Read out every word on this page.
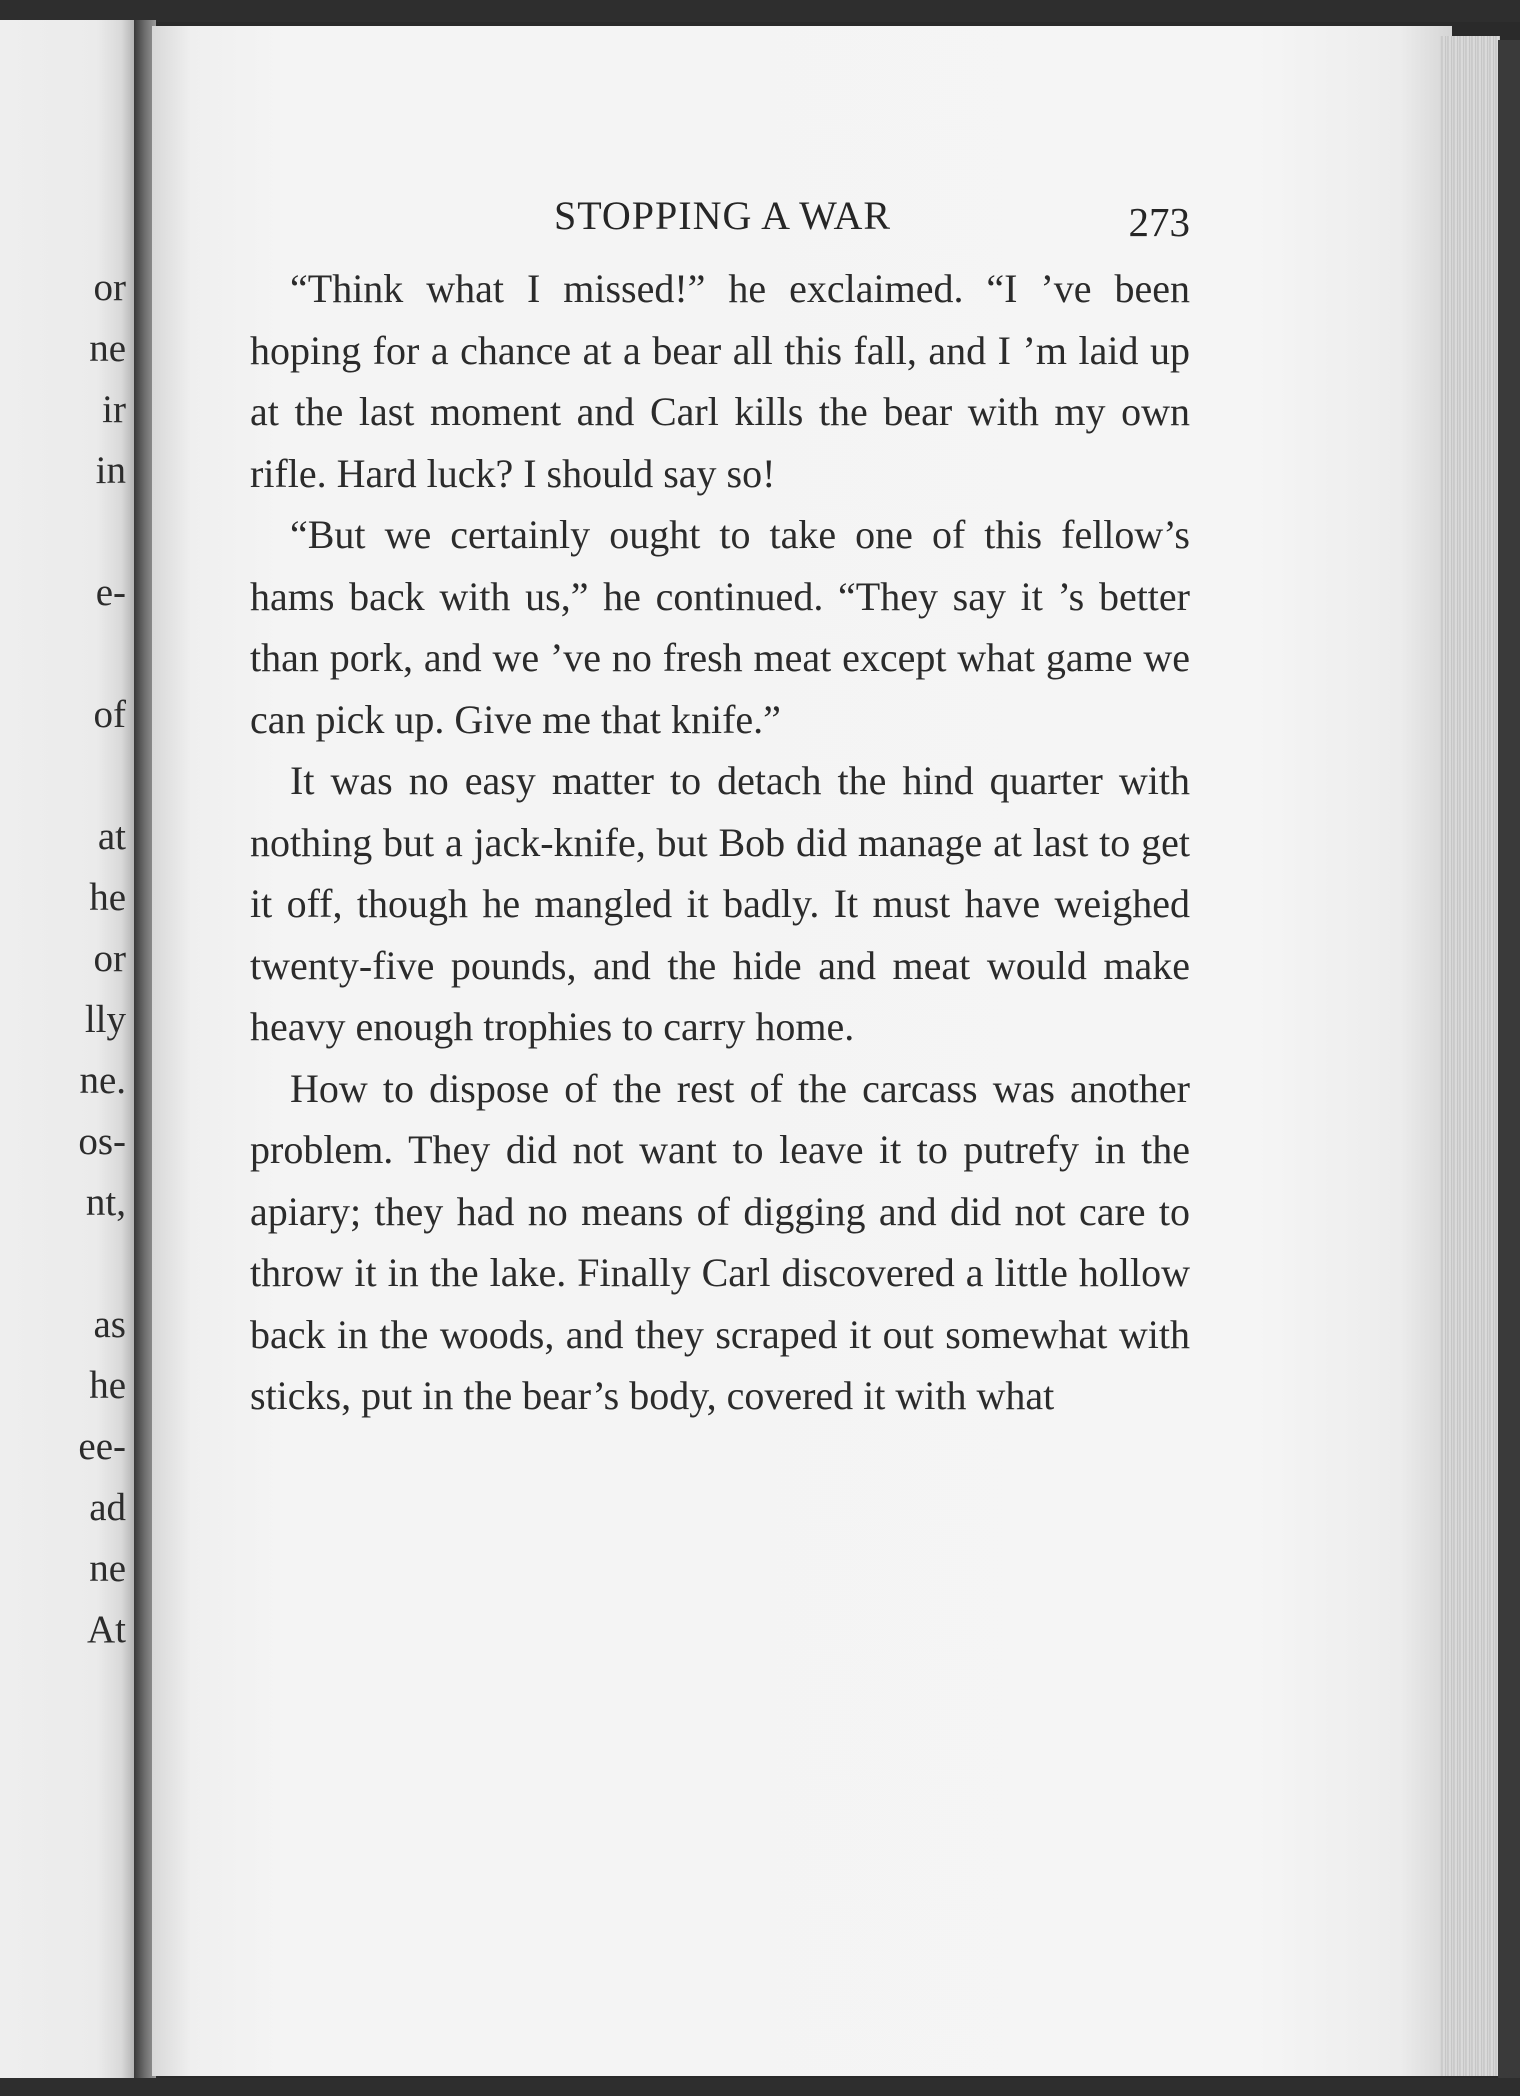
or
ne
ir
in
e-
of
at
he
or
lly
ne.
os-
nt,
as
he
ee-
ad
ne
At
STOPPING A WAR	273

“Think what I missed!” he exclaimed. “I ’ve been hoping for a chance at a bear all this fall, and I ’m laid up at the last moment and Carl kills the bear with my own rifle. Hard luck? I should say so!

“But we certainly ought to take one of this fellow’s hams back with us,” he continued. “They say it ’s better than pork, and we ’ve no fresh meat except what game we can pick up. Give me that knife.”

It was no easy matter to detach the hind quarter with nothing but a jack-knife, but Bob did manage at last to get it off, though he mangled it badly. It must have weighed twenty-five pounds, and the hide and meat would make heavy enough trophies to carry home.

How to dispose of the rest of the carcass was another problem. They did not want to leave it to putrefy in the apiary; they had no means of digging and did not care to throw it in the lake. Finally Carl discovered a little hollow back in the woods, and they scraped it out somewhat with sticks, put in the bear’s body, covered it with what
